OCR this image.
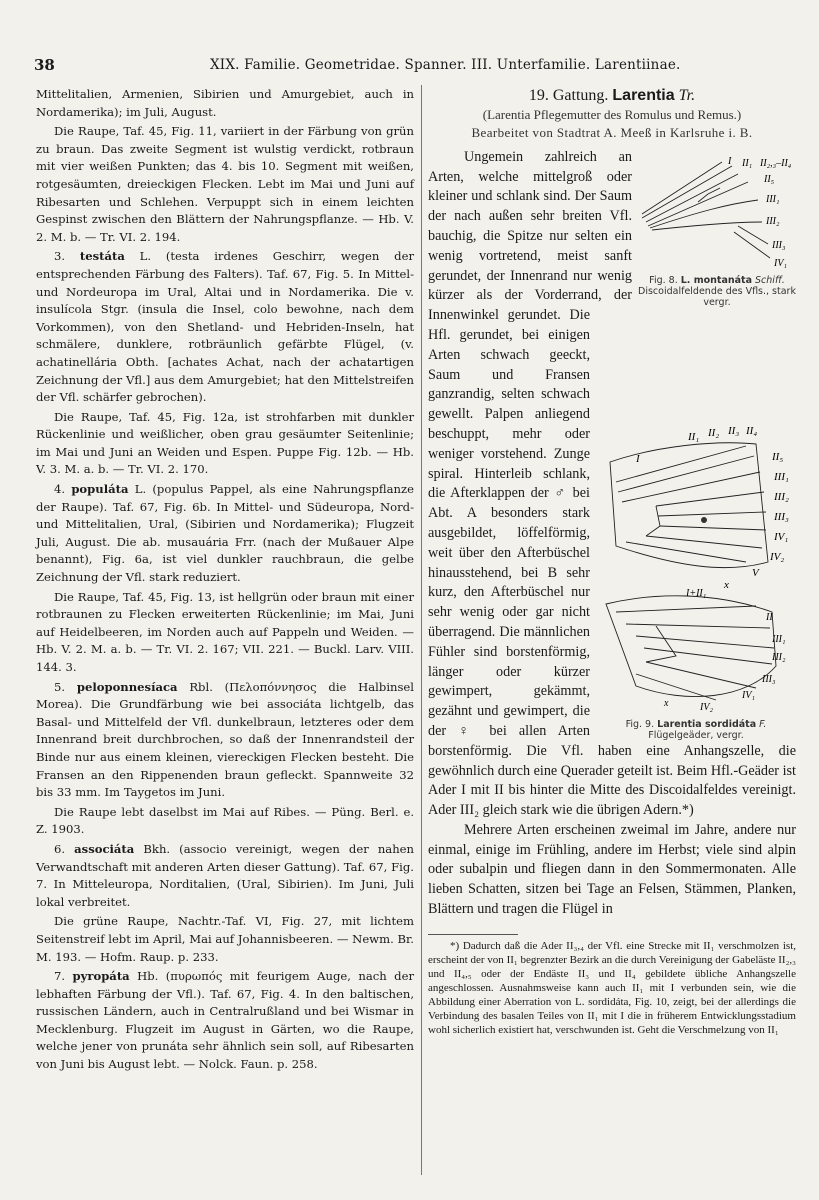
38	XIX. Familie. Geometridae. Spanner. III. Unterfamilie. Larentiinae.

Mittelitalien, Armenien, Sibirien und Amurgebiet, auch in Nordamerika); im Juli, August.

Die Raupe, Taf. 45, Fig. 11, variiert in der Färbung von grün zu braun. Das zweite Segment ist wulstig verdickt, rotbraun mit vier weißen Punkten; das 4. bis 10. Segment mit weißen, rotgesäumten, dreieckigen Flecken. Lebt im Mai und Juni auf Ribesarten und Schlehen. Verpuppt sich in einem leichten Gespinst zwischen den Blättern der Nahrungspflanze. — Hb. V. 2. M. b. — Tr. VI. 2. 194.

3. testáta L. (testa irdenes Geschirr, wegen der entsprechenden Färbung des Falters). Taf. 67, Fig. 5. In Mittel- und Nordeuropa im Ural, Altai und in Nordamerika. Die v. insulícola Stgr. (insula die Insel, colo bewohne, nach dem Vorkommen), von den Shetland- und Hebriden-Inseln, hat schmälere, dunklere, rotbräunlich gefärbte Flügel, (v. achatinellária Obth. [achates Achat, nach der achatartigen Zeichnung der Vfl.] aus dem Amurgebiet; hat den Mittelstreifen der Vfl. schärfer gebrochen).

Die Raupe, Taf. 45, Fig. 12a, ist strohfarben mit dunkler Rückenlinie und weißlicher, oben grau gesäumter Seitenlinie; im Mai und Juni an Weiden und Espen. Puppe Fig. 12b. — Hb. V. 3. M. a. b. — Tr. VI. 2. 170.

4. populáta L. (populus Pappel, als eine Nahrungspflanze der Raupe). Taf. 67, Fig. 6b. In Mittel- und Südeuropa, Nord- und Mittelitalien, Ural, (Sibirien und Nordamerika); Flugzeit Juli, August. Die ab. musauária Frr. (nach der Mußauer Alpe benannt), Fig. 6a, ist viel dunkler rauchbraun, die gelbe Zeichnung der Vfl. stark reduziert.

Die Raupe, Taf. 45, Fig. 13, ist hellgrün oder braun mit einer rotbraunen zu Flecken erweiterten Rückenlinie; im Mai, Juni auf Heidelbeeren, im Norden auch auf Pappeln und Weiden. — Hb. V. 2. M. a. b. — Tr. VI. 2. 167; VII. 221. — Buckl. Larv. VIII. 144. 3.

5. peloponnesíaca Rbl. (Πελοπόννησος die Halbinsel Morea). Die Grundfärbung wie bei associáta lichtgelb, das Basal- und Mittelfeld der Vfl. dunkelbraun, letzteres oder dem Innenrand breit durchbrochen, so daß der Innenrandsteil der Binde nur aus einem kleinen, viereckigen Flecken besteht. Die Fransen an den Rippenenden braun gefleckt. Spannweite 32 bis 33 mm. Im Taygetos im Juni.

Die Raupe lebt daselbst im Mai auf Ribes. — Püng. Berl. e. Z. 1903.

6. associáta Bkh. (associo vereinigt, wegen der nahen Verwandtschaft mit anderen Arten dieser Gattung). Taf. 67, Fig. 7. In Mitteleuropa, Norditalien, (Ural, Sibirien). Im Juni, Juli lokal verbreitet.

Die grüne Raupe, Nachtr.-Taf. VI, Fig. 27, mit lichtem Seitenstreif lebt im April, Mai auf Johannisbeeren. — Newm. Br. M. 193. — Hofm. Raup. p. 233.

7. pyropáta Hb. (πυρωπός mit feurigem Auge, nach der lebhaften Färbung der Vfl.). Taf. 67, Fig. 4. In den baltischen, russischen Ländern, auch in Centralrußland und bei Wismar in Mecklenburg. Flugzeit im August in Gärten, wo die Raupe, welche jener von prunáta sehr ähnlich sein soll, auf Ribesarten von Juni bis August lebt. — Nolck. Faun. p. 258.

19. Gattung. Larentia Tr.

(Larentia Pflegemutter des Romulus und Remus.)

Bearbeitet von Stadtrat A. Meeß in Karlsruhe i. B.

I II₁ II₂,₃–II₄
II₅
III₁
III₂
III₃
IV₁
Fig. 8. L. montanáta Schiff.
Discoidalfeldende des Vfls., stark vergr.
I
II₁ II₂ II₃ II₄
II₅
III₁
III₂
III₃
IV₁
IV₂
V
x
I+II₁
II
III₁
III₂
III₃
IV₁
IV₂
x
Fig. 9. Larentia sordidáta F.
Flügelgeäder, vergr.

Ungemein zahlreich an Arten, welche mittelgroß oder kleiner und schlank sind. Der Saum der nach außen sehr breiten Vfl. bauchig, die Spitze nur selten ein wenig vortretend, meist sanft gerundet, der Innenrand nur wenig kürzer als der Vorderrand, der Innenwinkel gerundet. Die Hfl. gerundet, bei einigen Arten schwach geeckt, Saum und Fransen ganzrandig, selten schwach gewellt. Palpen anliegend beschuppt, mehr oder weniger vorstehend. Zunge spiral. Hinterleib schlank, die Afterklappen der ♂ bei Abt. A besonders stark ausgebildet, löffelförmig, weit über den Afterbüschel hinausstehend, bei B sehr kurz, den Afterbüschel nur sehr wenig oder gar nicht überragend. Die männlichen Fühler sind borstenförmig, länger oder kürzer gewimpert, gekämmt, gezähnt und gewimpert, die der ♀ bei allen Arten borstenförmig. Die Vfl. haben eine Anhangszelle, die gewöhnlich durch eine Querader geteilt ist. Beim Hfl.-Geäder ist Ader I mit II bis hinter die Mitte des Discoidalfeldes vereinigt. Ader III₂ gleich stark wie die übrigen Adern.*)

Mehrere Arten erscheinen zweimal im Jahre, andere nur einmal, einige im Frühling, andere im Herbst; viele sind alpin oder subalpin und fliegen dann in den Sommermonaten. Alle lieben Schatten, sitzen bei Tage an Felsen, Stämmen, Planken, Blättern und tragen die Flügel in

*) Dadurch daß die Ader II₃,₄ der Vfl. eine Strecke mit II₁ verschmolzen ist, erscheint der von II₁ begrenzter Bezirk an die durch Vereinigung der Gabeläste II₂,₃ und II₄,₅ oder der Endäste II₃ und II₄ gebildete übliche Anhangszelle angeschlossen. Ausnahmsweise kann auch II₁ mit I verbunden sein, wie die Abbildung einer Aberration von L. sordidáta, Fig. 10, zeigt, bei der allerdings die Verbindung des basalen Teiles von II₁ mit I die in früherem Entwicklungsstadium wohl sicherlich existiert hat, verschwunden ist. Geht die Verschmelzung von II₁
